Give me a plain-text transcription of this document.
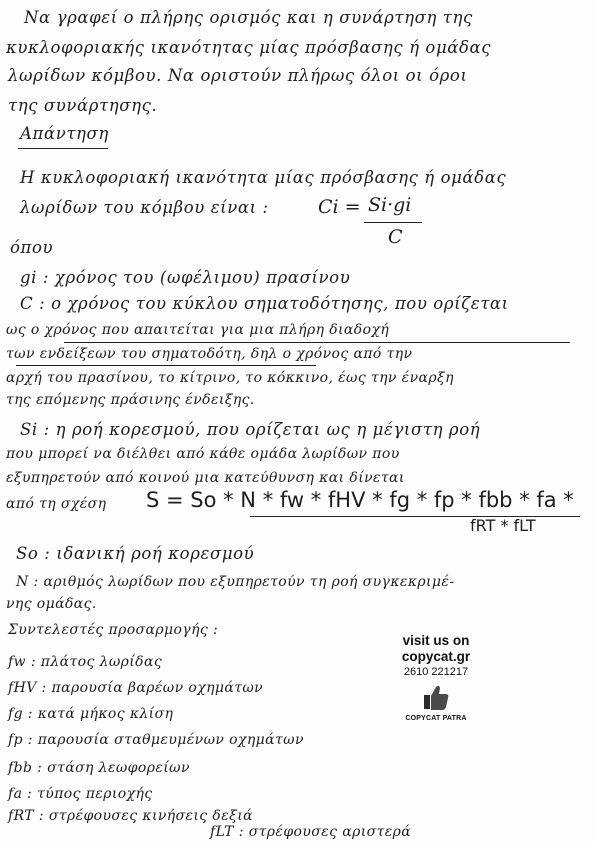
Να γραφεί ο πλήρης ορισμός και η συνάρτηση της
κυκλοφοριακής ικανότητας μίας πρόσβασης ή ομάδας
λωρίδων κόμβου. Να οριστούν πλήρως όλοι οι όροι
της συνάρτησης.
Απάντηση
Η κυκλοφοριακή ικανότητα μίας πρόσβασης ή ομάδας
λωρίδων του κόμβου είναι :	Ci = Si·gi
C
όπου
gi : χρόνος του (ωφέλιμου) πρασίνου
C : ο χρόνος του κύκλου σηματοδότησης, που ορίζεται
ως ο χρόνος που απαιτείται για μια πλήρη διαδοχή
των ενδείξεων του σηματοδότη, δηλ ο χρόνος από την
αρχή του πρασίνου, το κίτρινο, το κόκκινο, έως την έναρξη
της επόμενης πράσινης ένδειξης.
Si : η ροή κορεσμού, που ορίζεται ως η μέγιστη ροή
που μπορεί να διέλθει από κάθε ομάδα λωρίδων που
εξυπηρετούν από κοινού μια κατεύθυνση και δίνεται
από τη σχέση S = So * N * fw * fHV * fg * fp * fbb * fa *
fRT * fLT
So : ιδανική ροή κορεσμού
N : αριθμός λωρίδων που εξυπηρετούν τη ροή συγκεκριμέ-
νης ομάδας.
Συντελεστές προσαρμογής :
fw : πλάτος λωρίδας
fHV : παρουσία βαρέων οχημάτων
fg : κατά μήκος κλίση
fp : παρουσία σταθμευμένων οχημάτων
fbb : στάση λεωφορείων
fa : τύπος περιοχής
fRT : στρέφουσες κινήσεις δεξιά
fLT : στρέφουσες αριστερά
visit us on
copycat.gr
2610 221217
COPYCAT PATRA
